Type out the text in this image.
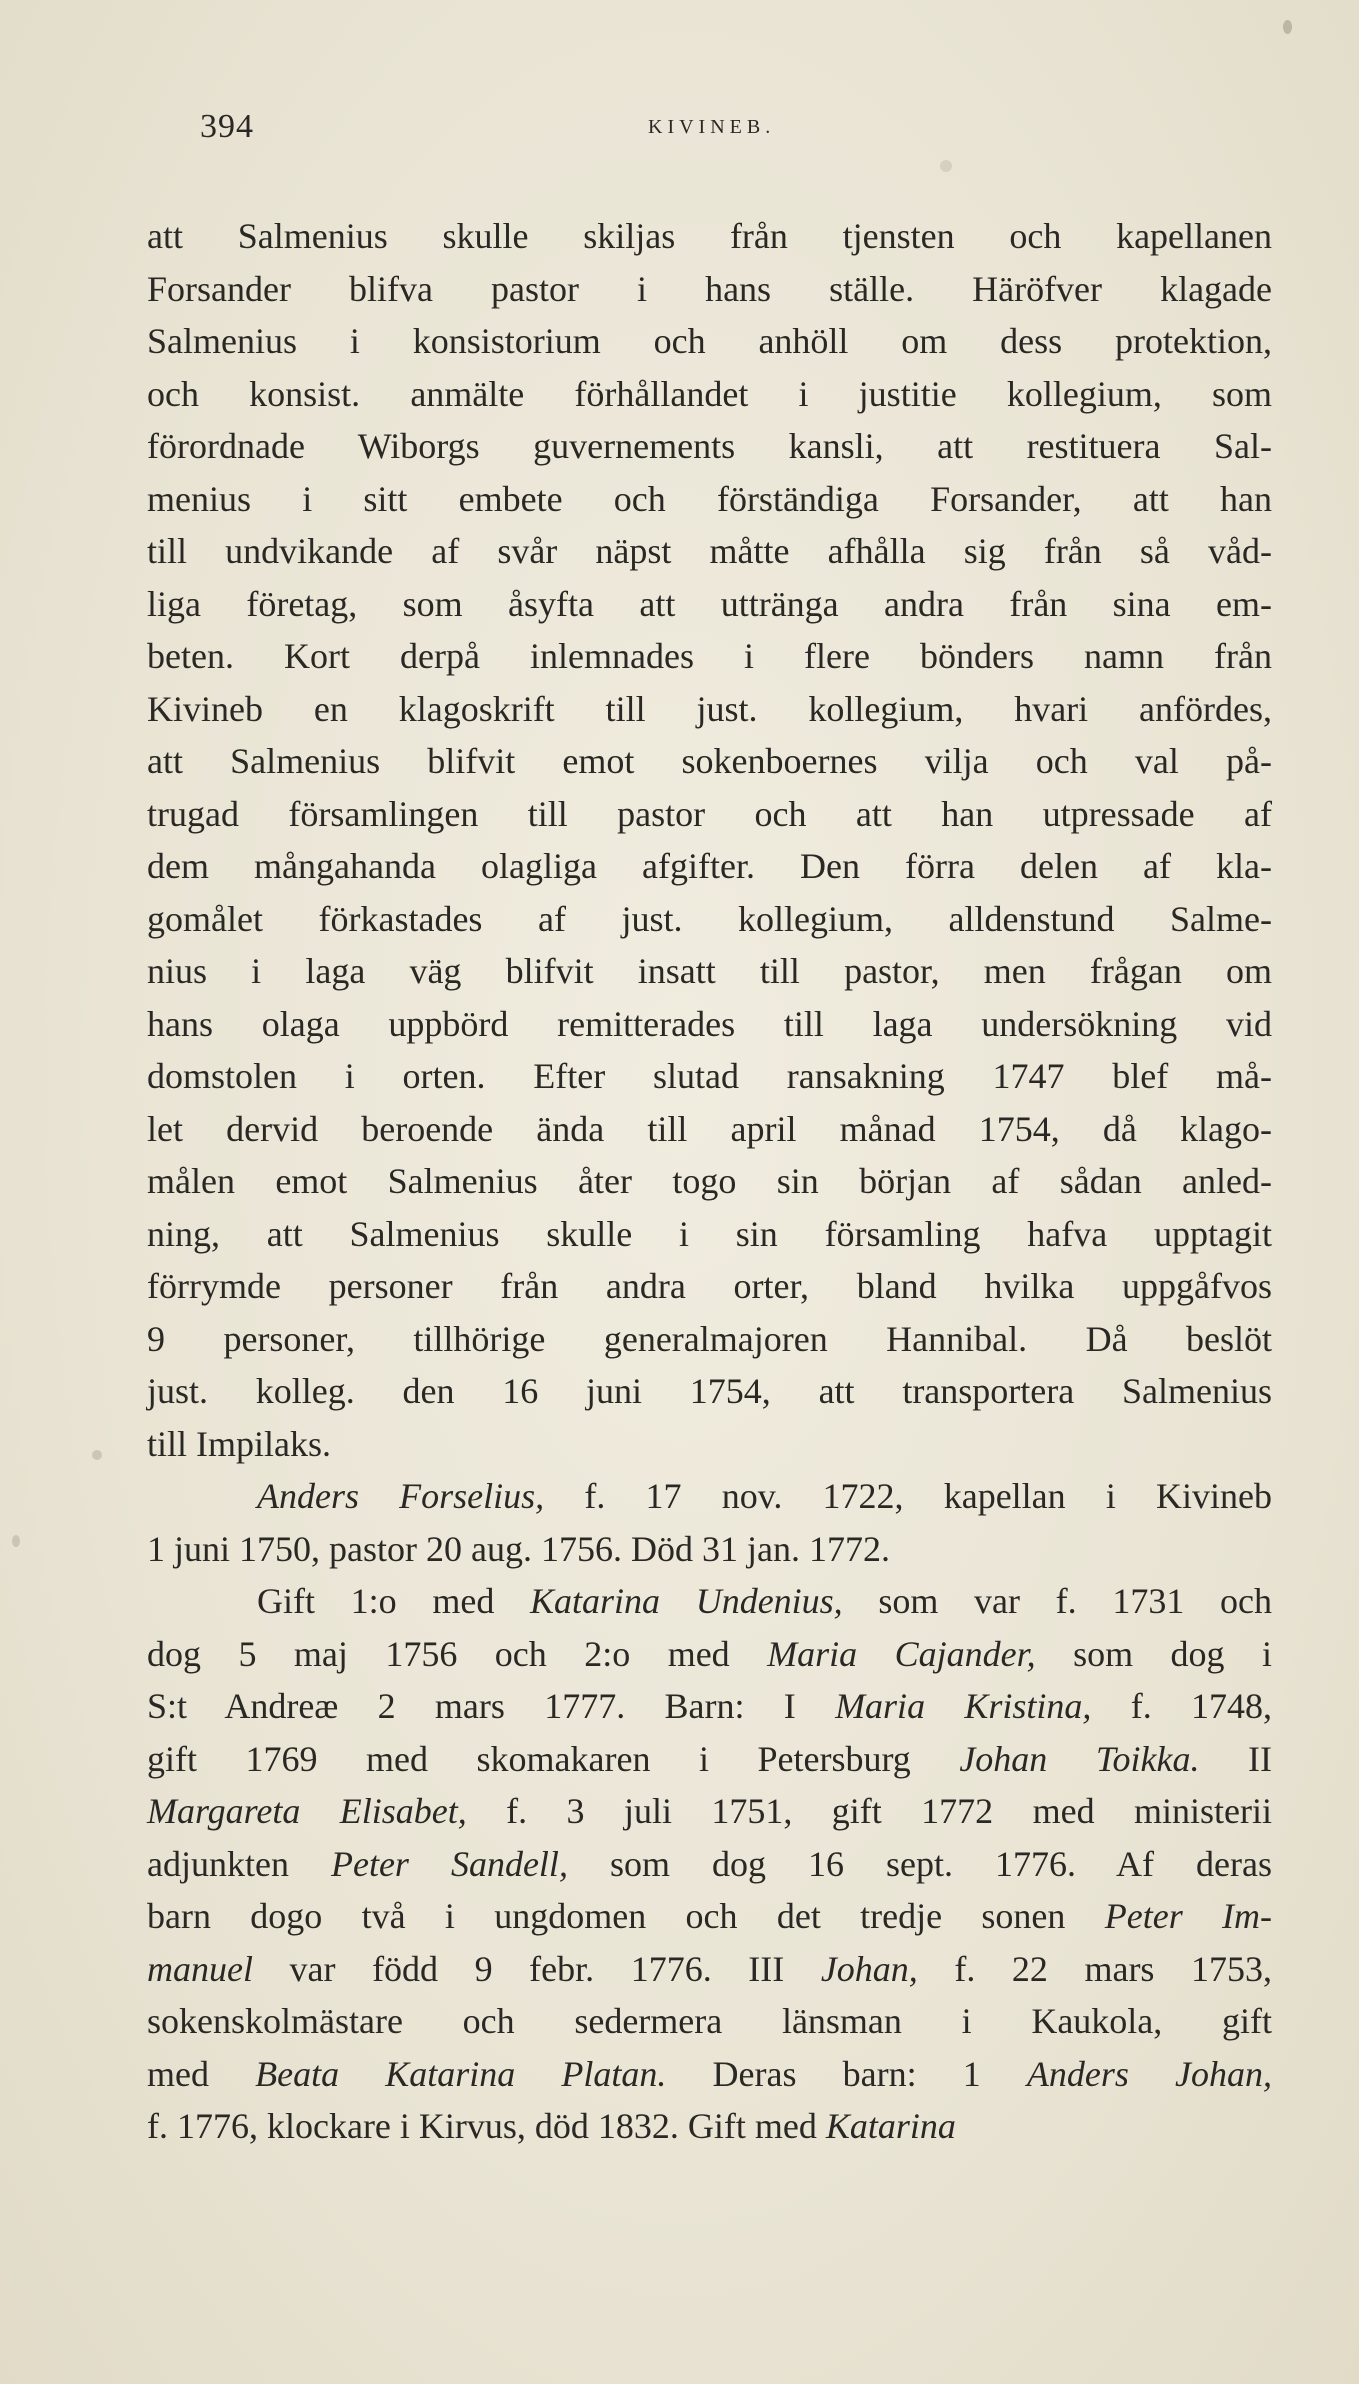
394	KIVINEB.
att Salmenius skulle skiljas från tjensten och kapellanen
Forsander blifva pastor i hans ställe. Häröfver klagade
Salmenius i konsistorium och anhöll om dess protektion,
och konsist. anmälte förhållandet i justitie kollegium, som
förordnade Wiborgs guvernements kansli, att restituera Sal-
menius i sitt embete och förständiga Forsander, att han
till undvikande af svår näpst måtte afhålla sig från så våd-
liga företag, som åsyfta att uttränga andra från sina em-
beten. Kort derpå inlemnades i flere bönders namn från
Kivineb en klagoskrift till just. kollegium, hvari anfördes,
att Salmenius blifvit emot sokenboernes vilja och val på-
trugad församlingen till pastor och att han utpressade af
dem mångahanda olagliga afgifter. Den förra delen af kla-
gomålet förkastades af just. kollegium, alldenstund Salme-
nius i laga väg blifvit insatt till pastor, men frågan om
hans olaga uppbörd remitterades till laga undersökning vid
domstolen i orten. Efter slutad ransakning 1747 blef må-
let dervid beroende ända till april månad 1754, då klago-
målen emot Salmenius åter togo sin början af sådan anled-
ning, att Salmenius skulle i sin församling hafva upptagit
förrymde personer från andra orter, bland hvilka uppgåfvos
9 personer, tillhörige generalmajoren Hannibal. Då beslöt
just. kolleg. den 16 juni 1754, att transportera Salmenius
till Impilaks.
Anders Forselius, f. 17 nov. 1722, kapellan i Kivineb
1 juni 1750, pastor 20 aug. 1756. Död 31 jan. 1772.
Gift 1:o med Katarina Undenius, som var f. 1731 och
dog 5 maj 1756 och 2:o med Maria Cajander, som dog i
S:t Andreæ 2 mars 1777. Barn: I Maria Kristina, f. 1748,
gift 1769 med skomakaren i Petersburg Johan Toikka. II
Margareta Elisabet, f. 3 juli 1751, gift 1772 med ministerii
adjunkten Peter Sandell, som dog 16 sept. 1776. Af deras
barn dogo två i ungdomen och det tredje sonen Peter Im-
manuel var född 9 febr. 1776. III Johan, f. 22 mars 1753,
sokenskolmästare och sedermera länsman i Kaukola, gift
med Beata Katarina Platan. Deras barn: 1 Anders Johan,
f. 1776, klockare i Kirvus, död 1832. Gift med Katarina
